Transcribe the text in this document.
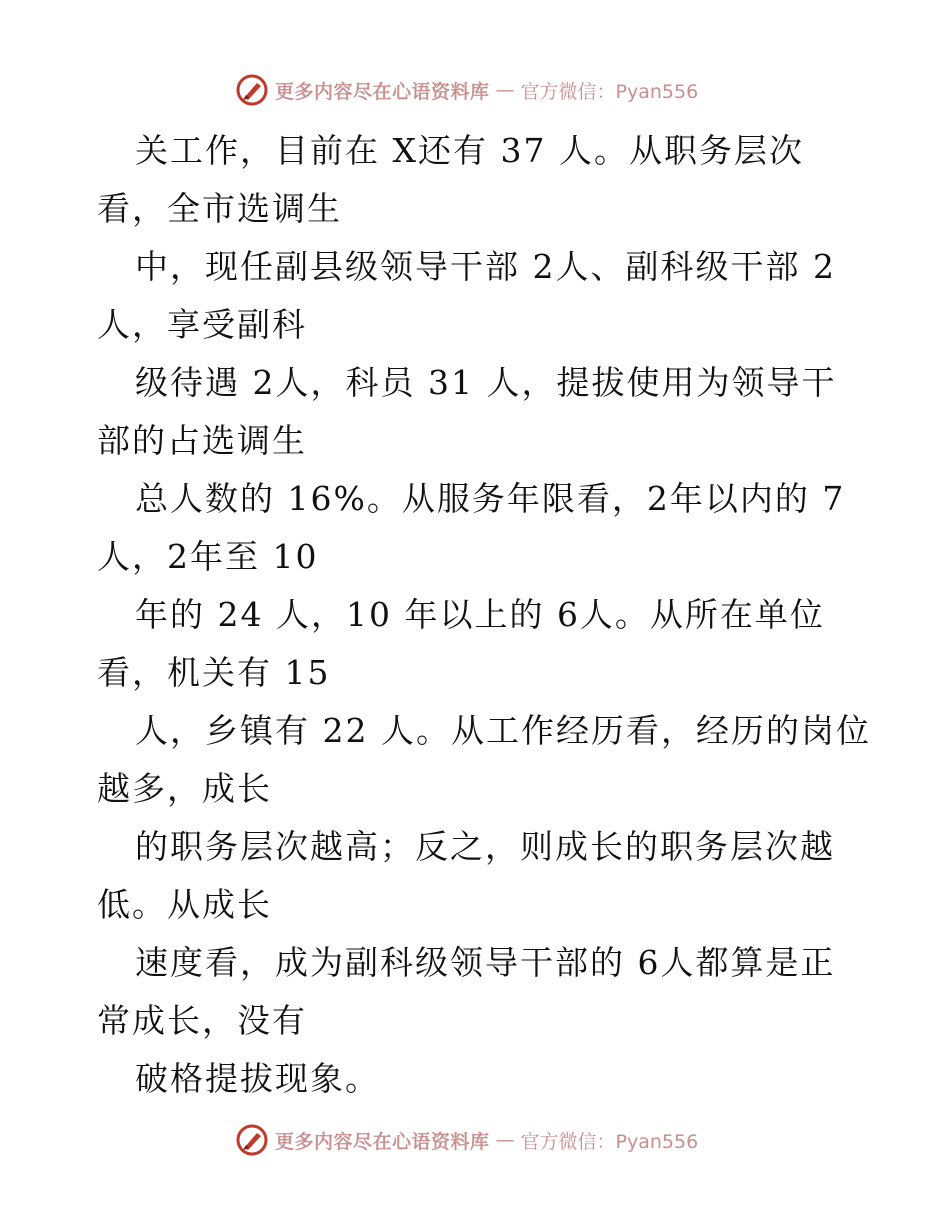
更多内容尽在心语资料库 — 官方微信：Pyan556
关工作，目前在 X还有 37 人。从职务层次
看，全市选调生
中，现任副县级领导干部 2人、副科级干部 2
人，享受副科
级待遇 2人，科员 31 人，提拔使用为领导干
部的占选调生
总人数的 16%。从服务年限看，2年以内的 7
人，2年至 10
年的 24 人，10 年以上的 6人。从所在单位
看，机关有 15
人，乡镇有 22 人。从工作经历看，经历的岗位
越多，成长
的职务层次越高；反之，则成长的职务层次越
低。从成长
速度看，成为副科级领导干部的 6人都算是正
常成长，没有
破格提拔现象。
更多内容尽在心语资料库 — 官方微信：Pyan556
